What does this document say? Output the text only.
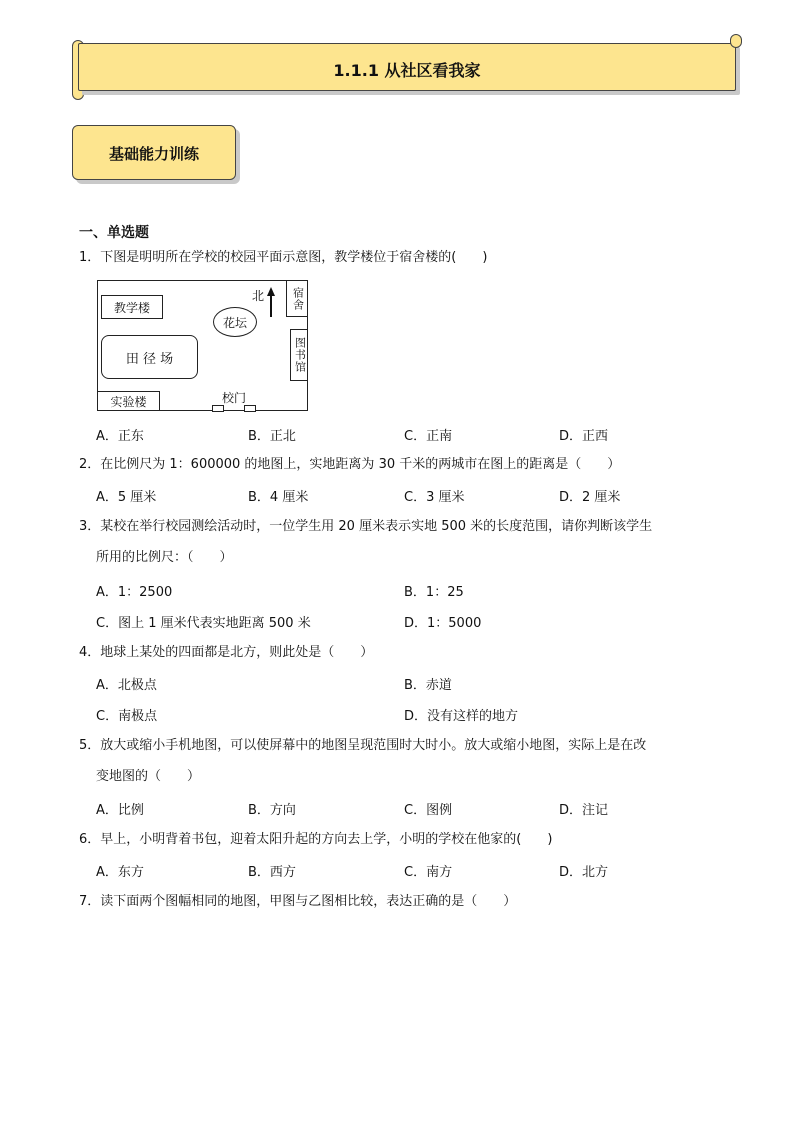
1.1.1 从社区看我家
基础能力训练
一、单选题
1．下图是明明所在学校的校园平面示意图，教学楼位于宿舍楼的(　　)
教学楼
北	宿舍
花坛
田 径 场	图书馆
实验楼	校门
A．正东	B．正北	C．正南	D．正西
2．在比例尺为 1：600000 的地图上，实地距离为 30 千米的两城市在图上的距离是（　　）
A．5 厘米	B．4 厘米	C．3 厘米	D．2 厘米
3．某校在举行校园测绘活动时，一位学生用 20 厘米表示实地 500 米的长度范围，请你判断该学生
所用的比例尺：（　　）
A．1：2500	B．1：25
C．图上 1 厘米代表实地距离 500 米	D．1：5000
4．地球上某处的四面都是北方，则此处是（　　）
A．北极点	B．赤道
C．南极点	D．没有这样的地方
5．放大或缩小手机地图，可以使屏幕中的地图呈现范围时大时小。放大或缩小地图，实际上是在改
变地图的（　　）
A．比例	B．方向	C．图例	D．注记
6．早上，小明背着书包，迎着太阳升起的方向去上学，小明的学校在他家的(　　)
A．东方	B．西方	C．南方	D．北方
7．读下面两个图幅相同的地图，甲图与乙图相比较，表达正确的是（　　）
